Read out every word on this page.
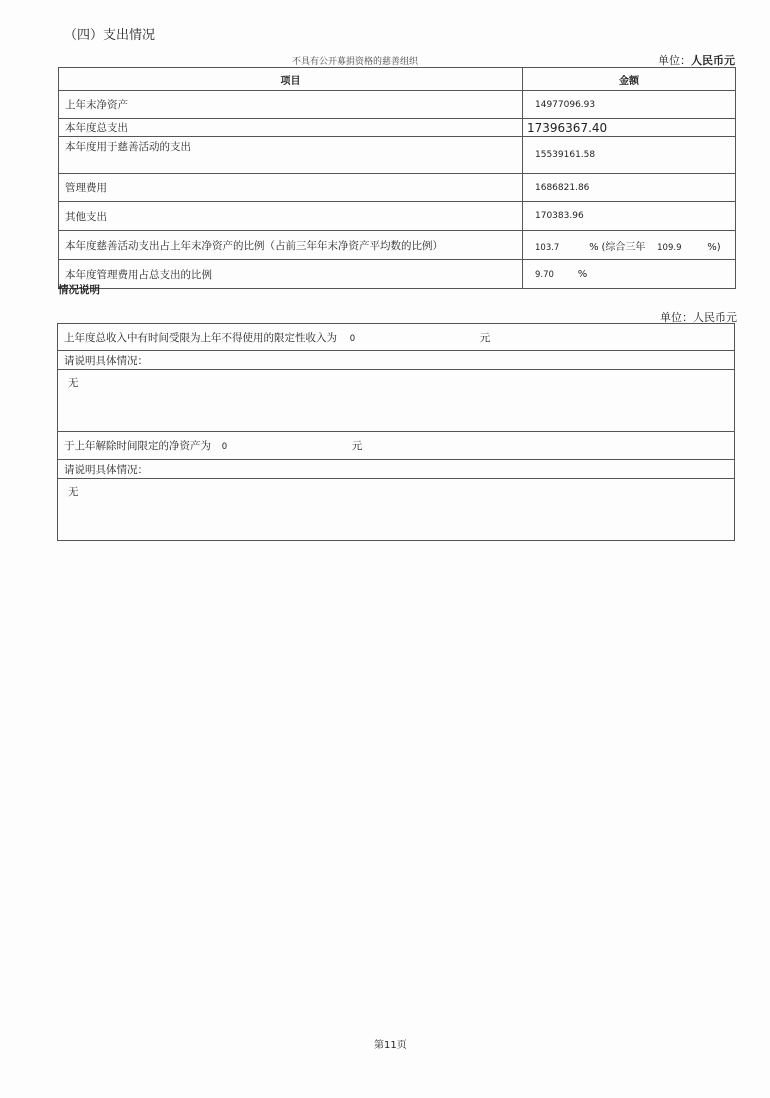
（四）支出情况
不具有公开募捐资格的慈善组织	单位：人民币元
项目	金额
上年末净资产	14977096.93
本年度总支出	17396367.40
本年度用于慈善活动的支出	15539161.58
管理费用	1686821.86
其他支出	170383.96
本年度慈善活动支出占上年末净资产的比例（占前三年年末净资产平均数的比例）	103.7 % (综合三年 109.9 %)
本年度管理费用占总支出的比例	9.70 %
情况说明
单位：人民币元
上年度总收入中有时间受限为上年不得使用的限定性收入为 0	元
请说明具体情况：
无
于上年解除时间限定的净资产为 0	元
请说明具体情况：
无
第11页
